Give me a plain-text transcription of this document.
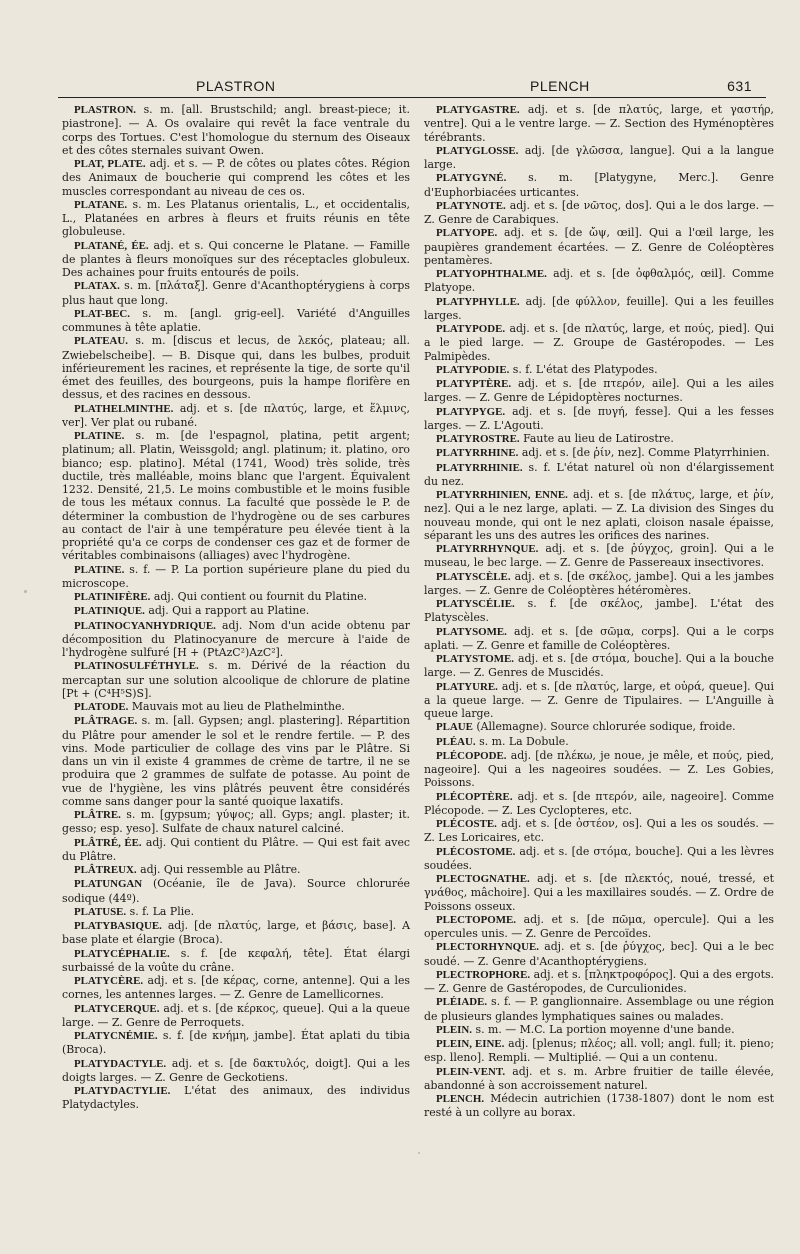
PLASTRON	PLENCH	631

PLASTRON. s. m. [all. Brustschild; angl. breast-piece; it. piastrone]. — A. Os ovalaire qui revêt la face ventrale du corps des Tortues. C'est l'homologue du sternum des Oiseaux et des côtes sternales suivant Owen.

PLAT, PLATE. adj. et s. — P. de côtes ou plates côtes. Région des Animaux de boucherie qui comprend les côtes et les muscles correspondant au niveau de ces os.

PLATANE. s. m. Les Platanus orientalis, L., et occidentalis, L., Platanées en arbres à fleurs et fruits réunis en tête globuleuse.

PLATANÉ, ÉE. adj. et s. Qui concerne le Platane. — Famille de plantes à fleurs monoïques sur des réceptacles globuleux. Des achaines pour fruits entourés de poils.

PLATAX. s. m. [πλάταξ]. Genre d'Acanthoptérygiens à corps plus haut que long.

PLAT-BEC. s. m. [angl. grig-eel]. Variété d'Anguilles communes à tête aplatie.

PLATEAU. s. m. [discus et lecus, de λεκός, plateau; all. Zwiebelscheibe]. — B. Disque qui, dans les bulbes, produit inférieurement les racines, et représente la tige, de sorte qu'il émet des feuilles, des bourgeons, puis la hampe florifère en dessus, et des racines en dessous.

PLATHELMINTHE. adj. et s. [de πλατύς, large, et ἕλμινς, ver]. Ver plat ou rubané.

PLATINE. s. m. [de l'espagnol, platina, petit argent; platinum; all. Platin, Weissgold; angl. platinum; it. platino, oro bianco; esp. platino]. Métal (1741, Wood) très solide, très ductile, très malléable, moins blanc que l'argent. Équivalent 1232. Densité, 21,5. Le moins combustible et le moins fusible de tous les métaux connus. La faculté que possède le P. de déterminer la combustion de l'hydrogène ou de ses carbures au contact de l'air à une température peu élevée tient à la propriété qu'a ce corps de condenser ces gaz et de former de véritables combinaisons (alliages) avec l'hydrogène.

PLATINE. s. f. — P. La portion supérieure plane du pied du microscope.

PLATINIFÈRE. adj. Qui contient ou fournit du Platine.

PLATINIQUE. adj. Qui a rapport au Platine.

PLATINOCYANHYDRIQUE. adj. Nom d'un acide obtenu par décomposition du Platinocyanure de mercure à l'aide de l'hydrogène sulfuré [H + (PtAzC²)AzC²].

PLATINOSULFÉTHYLE. s. m. Dérivé de la réaction du mercaptan sur une solution alcoolique de chlorure de platine [Pt + (C⁴H⁵S)S].

PLATODE. Mauvais mot au lieu de Plathelminthe.

PLÂTRAGE. s. m. [all. Gypsen; angl. plastering]. Répartition du Plâtre pour amender le sol et le rendre fertile. — P. des vins. Mode particulier de collage des vins par le Plâtre. Si dans un vin il existe 4 grammes de crème de tartre, il ne se produira que 2 grammes de sulfate de potasse. Au point de vue de l'hygiène, les vins plâtrés peuvent être considérés comme sans danger pour la santé quoique laxatifs.

PLÂTRE. s. m. [gypsum; γύψος; all. Gyps; angl. plaster; it. gesso; esp. yeso]. Sulfate de chaux naturel calciné.

PLÂTRÉ, ÉE. adj. Qui contient du Plâtre. — Qui est fait avec du Plâtre.

PLÂTREUX. adj. Qui ressemble au Plâtre.

PLATUNGAN (Océanie, île de Java). Source chlorurée sodique (44º).

PLATUSE. s. f. La Plie.

PLATYBASIQUE. adj. [de πλατύς, large, et βάσις, base]. A base plate et élargie (Broca).

PLATYCÉPHALIE. s. f. [de κεφαλή, tête]. État élargi surbaissé de la voûte du crâne.

PLATYCÈRE. adj. et s. [de κέρας, corne, antenne]. Qui a les cornes, les antennes larges. — Z. Genre de Lamellicornes.

PLATYCERQUE. adj. et s. [de κέρκος, queue]. Qui a la queue large. — Z. Genre de Perroquets.

PLATYCNÉMIE. s. f. [de κνήμη, jambe]. État aplati du tibia (Broca).

PLATYDACTYLE. adj. et s. [de δακτυλός, doigt]. Qui a les doigts larges. — Z. Genre de Geckotiens.

PLATYDACTYLIE. L'état des animaux, des individus Platydactyles.

PLATYGASTRE. adj. et s. [de πλατύς, large, et γαστήρ, ventre]. Qui a le ventre large. — Z. Section des Hyménoptères térébrants.

PLATYGLOSSE. adj. [de γλῶσσα, langue]. Qui a la langue large.

PLATYGYNÉ. s. m. [Platygyne, Merc.]. Genre d'Euphorbiacées urticantes.

PLATYNOTE. adj. et s. [de νῶτος, dos]. Qui a le dos large. — Z. Genre de Carabiques.

PLATYOPE. adj. et s. [de ὤψ, œil]. Qui a l'œil large, les paupières grandement écartées. — Z. Genre de Coléoptères pentamères.

PLATYOPHTHALME. adj. et s. [de ὀφθαλμός, œil]. Comme Platyope.

PLATYPHYLLE. adj. [de φύλλον, feuille]. Qui a les feuilles larges.

PLATYPODE. adj. et s. [de πλατύς, large, et πούς, pied]. Qui a le pied large. — Z. Groupe de Gastéropodes. — Les Palmipèdes.

PLATYPODIE. s. f. L'état des Platypodes.

PLATYPTÈRE. adj. et s. [de πτερόν, aile]. Qui a les ailes larges. — Z. Genre de Lépidoptères nocturnes.

PLATYPYGE. adj. et s. [de πυγή, fesse]. Qui a les fesses larges. — Z. L'Agouti.

PLATYROSTRE. Faute au lieu de Latirostre.

PLATYRRHINE. adj. et s. [de ῥίν, nez]. Comme Platyrrhinien.

PLATYRRHINIE. s. f. L'état naturel où non d'élargissement du nez.

PLATYRRHINIEN, ENNE. adj. et s. [de πλάτυς, large, et ῥίν, nez]. Qui a le nez large, aplati. — Z. La division des Singes du nouveau monde, qui ont le nez aplati, cloison nasale épaisse, séparant les uns des autres les orifices des narines.

PLATYRRHYNQUE. adj. et s. [de ῥύγχος, groin]. Qui a le museau, le bec large. — Z. Genre de Passereaux insectivores.

PLATYSCÈLE. adj. et s. [de σκέλος, jambe]. Qui a les jambes larges. — Z. Genre de Coléoptères hétéromères.

PLATYSCÉLIE. s. f. [de σκέλος, jambe]. L'état des Platyscèles.

PLATYSOME. adj. et s. [de σῶμα, corps]. Qui a le corps aplati. — Z. Genre et famille de Coléoptères.

PLATYSTOME. adj. et s. [de στόμα, bouche]. Qui a la bouche large. — Z. Genres de Muscidés.

PLATYURE. adj. et s. [de πλατύς, large, et οὐρά, queue]. Qui a la queue large. — Z. Genre de Tipulaires. — L'Anguille à queue large.

PLAUE (Allemagne). Source chlorurée sodique, froide.

PLÉAU. s. m. La Dobule.

PLÉCOPODE. adj. [de πλέκω, je noue, je mêle, et πούς, pied, nageoire]. Qui a les nageoires soudées. — Z. Les Gobies, Poissons.

PLÉCOPTÈRE. adj. et s. [de πτερόν, aile, nageoire]. Comme Plécopode. — Z. Les Cyclopteres, etc.

PLÉCOSTE. adj. et s. [de ὀστέον, os]. Qui a les os soudés. — Z. Les Loricaires, etc.

PLÉCOSTOME. adj. et s. [de στόμα, bouche]. Qui a les lèvres soudées.

PLECTOGNATHE. adj. et s. [de πλεκτός, noué, tressé, et γνάθος, mâchoire]. Qui a les maxillaires soudés. — Z. Ordre de Poissons osseux.

PLECTOPOME. adj. et s. [de πῶμα, opercule]. Qui a les opercules unis. — Z. Genre de Percoïdes.

PLECTORHYNQUE. adj. et s. [de ῥύγχος, bec]. Qui a le bec soudé. — Z. Genre d'Acanthoptérygiens.

PLECTROPHORE. adj. et s. [πληκτροφόρος]. Qui a des ergots. — Z. Genre de Gastéropodes, de Curculionides.

PLÉIADE. s. f. — P. ganglionnaire. Assemblage ou une région de plusieurs glandes lymphatiques saines ou malades.

PLEIN. s. m. — M.C. La portion moyenne d'une bande.

PLEIN, EINE. adj. [plenus; πλέος; all. voll; angl. full; it. pieno; esp. lleno]. Rempli. — Multiplié. — Qui a un contenu.

PLEIN-VENT. adj. et s. m. Arbre fruitier de taille élevée, abandonné à son accroissement naturel.

PLENCH. Médecin autrichien (1738-1807) dont le nom est resté à un collyre au borax.
